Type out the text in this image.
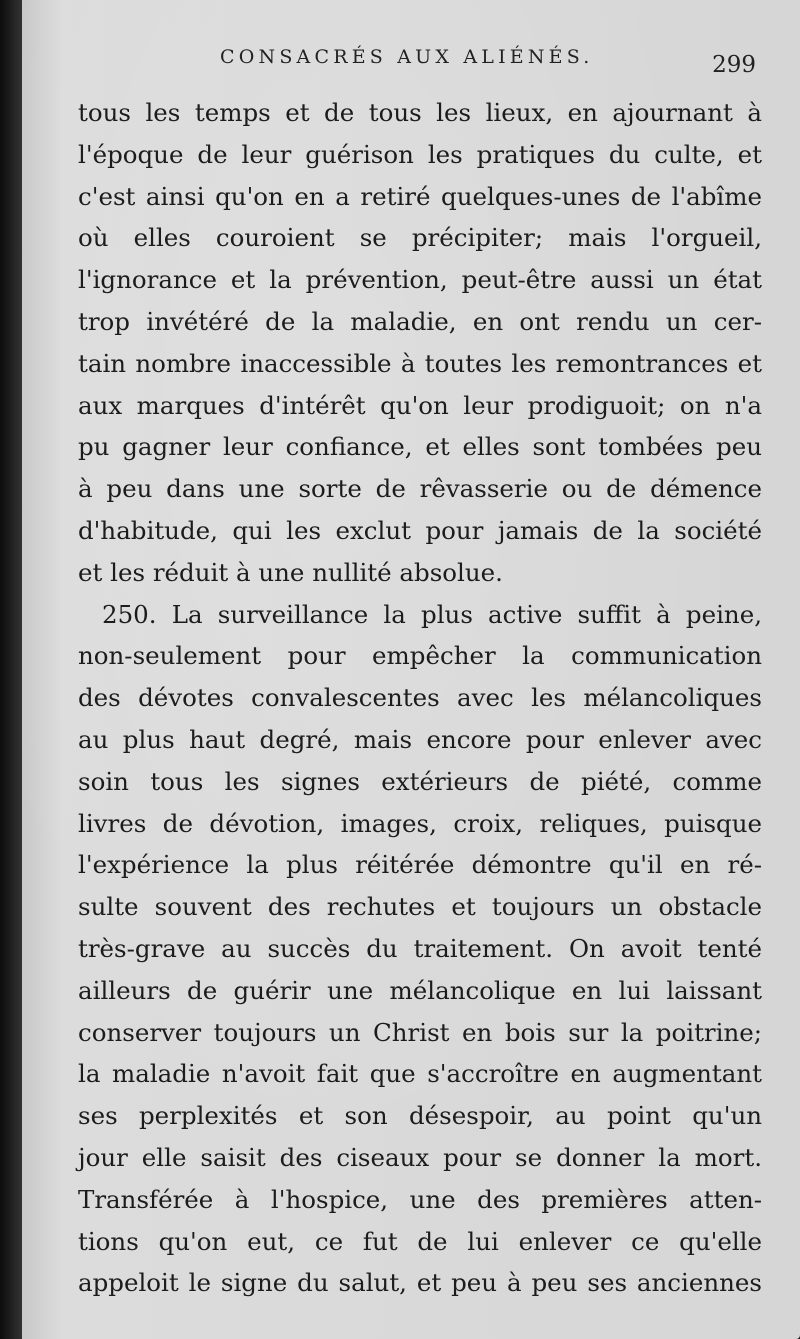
CONSACRÉS AUX ALIÉNÉS.	299
tous les temps et de tous les lieux, en ajournant à
l'époque de leur guérison les pratiques du culte, et
c'est ainsi qu'on en a retiré quelques-unes de l'abîme
où elles couroient se précipiter; mais l'orgueil,
l'ignorance et la prévention, peut-être aussi un état
trop invétéré de la maladie, en ont rendu un cer-
tain nombre inaccessible à toutes les remontrances et
aux marques d'intérêt qu'on leur prodiguoit; on n'a
pu gagner leur confiance, et elles sont tombées peu
à peu dans une sorte de rêvasserie ou de démence
d'habitude, qui les exclut pour jamais de la société
et les réduit à une nullité absolue.
250. La surveillance la plus active suffit à peine,
non-seulement pour empêcher la communication
des dévotes convalescentes avec les mélancoliques
au plus haut degré, mais encore pour enlever avec
soin tous les signes extérieurs de piété, comme
livres de dévotion, images, croix, reliques, puisque
l'expérience la plus réitérée démontre qu'il en ré-
sulte souvent des rechutes et toujours un obstacle
très-grave au succès du traitement. On avoit tenté
ailleurs de guérir une mélancolique en lui laissant
conserver toujours un Christ en bois sur la poitrine;
la maladie n'avoit fait que s'accroître en augmentant
ses perplexités et son désespoir, au point qu'un
jour elle saisit des ciseaux pour se donner la mort.
Transférée à l'hospice, une des premières atten-
tions qu'on eut, ce fut de lui enlever ce qu'elle
appeloit le signe du salut, et peu à peu ses anciennes
